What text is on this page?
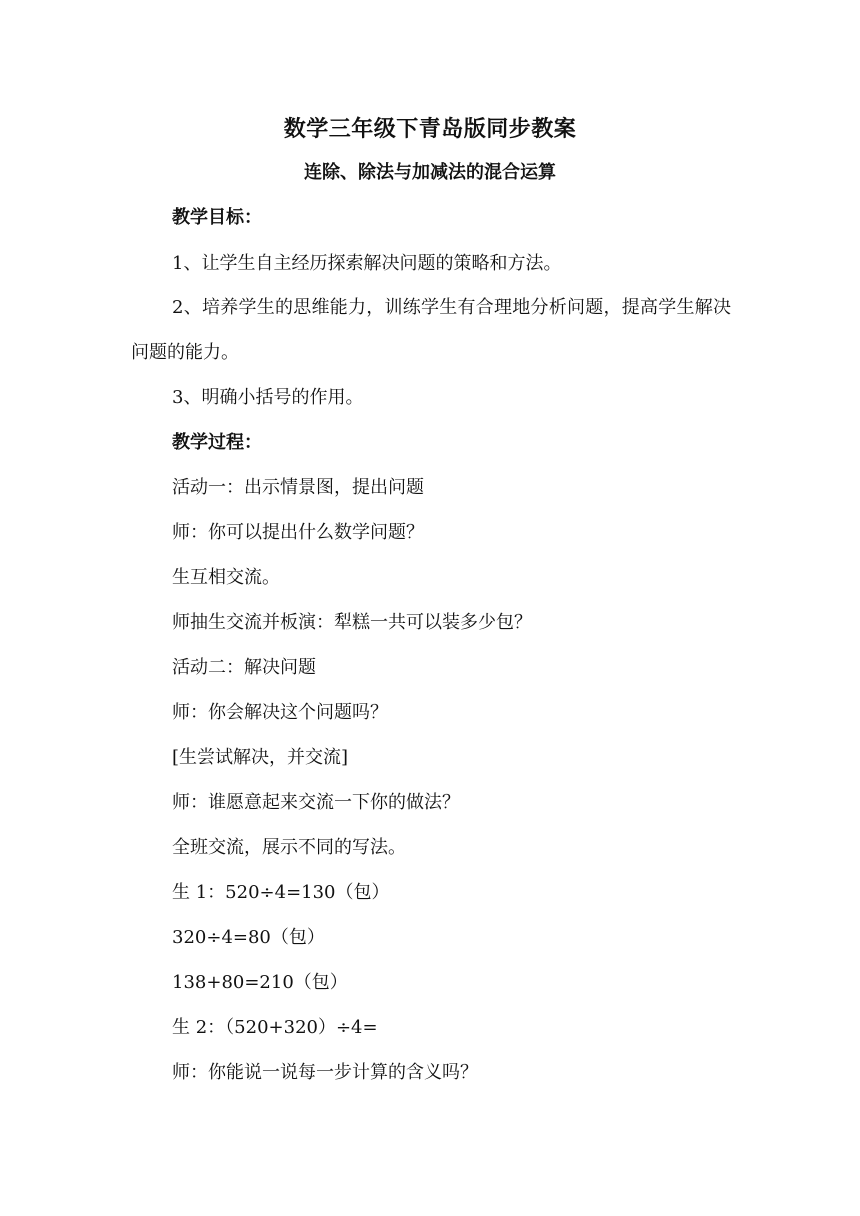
数学三年级下青岛版同步教案
连除、除法与加减法的混合运算
教学目标：
1、让学生自主经历探索解决问题的策略和方法。
2、培养学生的思维能力，训练学生有合理地分析问题，提高学生解决问题的能力。
3、明确小括号的作用。
教学过程：
活动一：出示情景图，提出问题
师：你可以提出什么数学问题？
生互相交流。
师抽生交流并板演：犁糕一共可以装多少包？
活动二：解决问题
师：你会解决这个问题吗？
[生尝试解决，并交流]
师：谁愿意起来交流一下你的做法？
全班交流，展示不同的写法。
生 1：520÷4=130（包）
320÷4=80（包）
138+80=210（包）
生 2：（520+320）÷4=
师：你能说一说每一步计算的含义吗？
